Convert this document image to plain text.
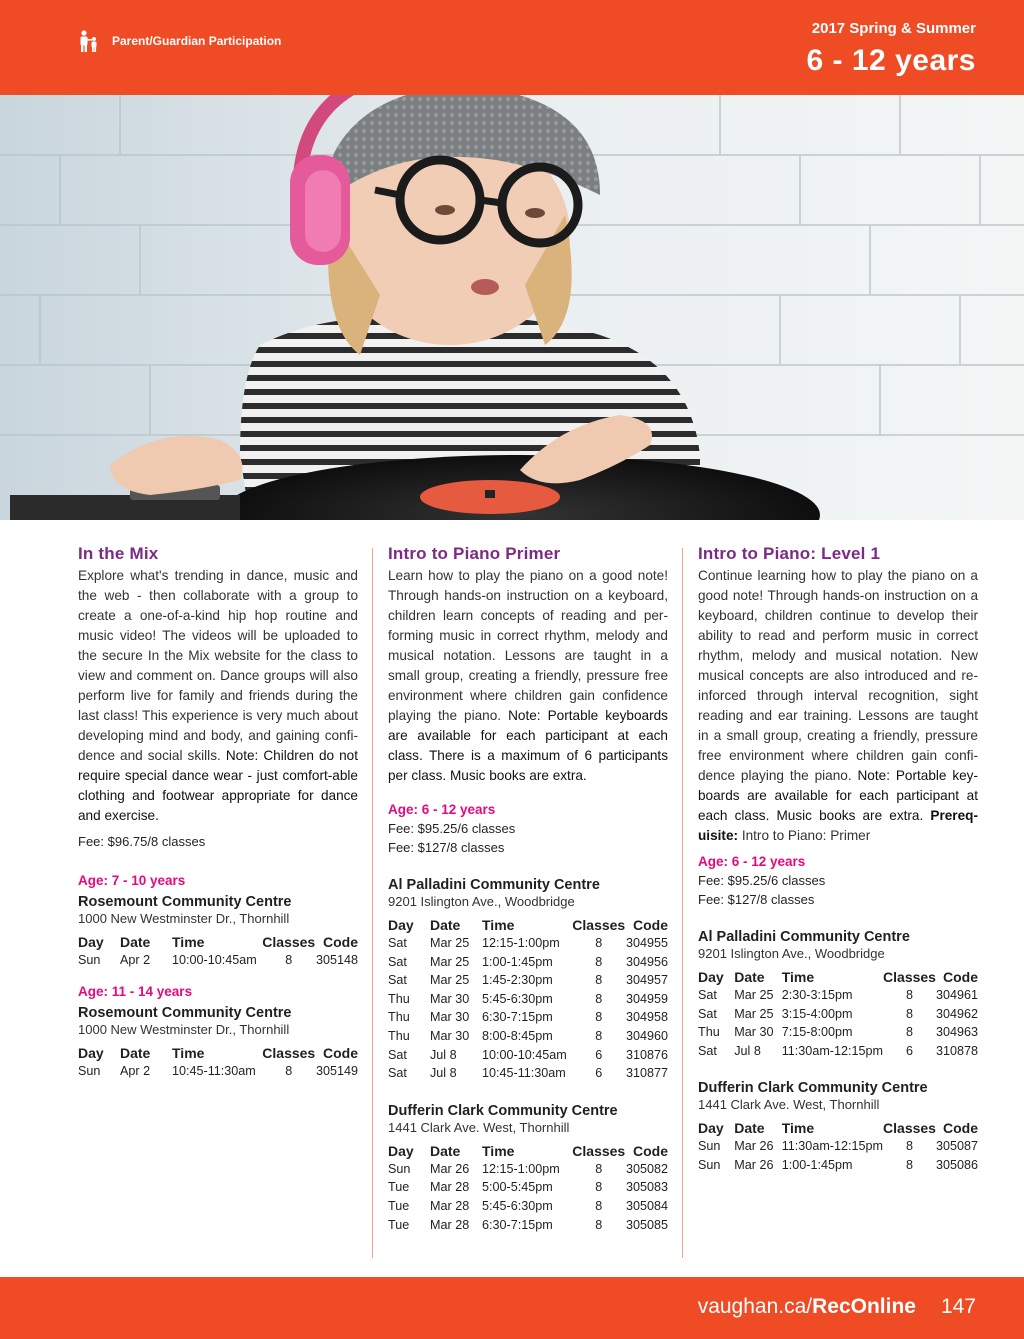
Parent/Guardian Participation
2017 Spring & Summer
6 - 12 years
In the Mix

Explore what's trending in dance, music and the web - then collaborate with a group to create a one-of-a-kind hip hop routine and music video! The videos will be uploaded to the secure In the Mix website for the class to view and comment on. Dance groups will also perform live for family and friends during the last class! This experience is very much about developing mind and body, and gaining confi-dence and social skills. Note: Children do not require special dance wear - just comfort-able clothing and footwear appropriate for dance and exercise.

Fee: $96.75/8 classes
Age: 7 - 10 years
Rosemount Community Centre
1000 New Westminster Dr., Thornhill
Day	Date	Time	Classes	Code
Sun	Apr 2	10:00-10:45am	8	305148
Age: 11 - 14 years
Rosemount Community Centre
1000 New Westminster Dr., Thornhill
Day	Date	Time	Classes	Code
Sun	Apr 2	10:45-11:30am	8	305149
Intro to Piano Primer

Learn how to play the piano on a good note! Through hands-on instruction on a keyboard, children learn concepts of reading and per-forming music in correct rhythm, melody and musical notation. Lessons are taught in a small group, creating a friendly, pressure free environment where children gain confidence playing the piano. Note: Portable keyboards are available for each participant at each class. There is a maximum of 6 participants per class. Music books are extra.

Age: 6 - 12 years
Fee: $95.25/6 classes
Fee: $127/8 classes
Al Palladini Community Centre
9201 Islington Ave., Woodbridge
Day	Date	Time	Classes	Code
Sat	Mar 25	12:15-1:00pm	8	304955
Sat	Mar 25	1:00-1:45pm	8	304956
Sat	Mar 25	1:45-2:30pm	8	304957
Thu	Mar 30	5:45-6:30pm	8	304959
Thu	Mar 30	6:30-7:15pm	8	304958
Thu	Mar 30	8:00-8:45pm	8	304960
Sat	Jul 8	10:00-10:45am	6	310876
Sat	Jul 8	10:45-11:30am	6	310877
Dufferin Clark Community Centre
1441 Clark Ave. West, Thornhill
Day	Date	Time	Classes	Code
Sun	Mar 26	12:15-1:00pm	8	305082
Tue	Mar 28	5:00-5:45pm	8	305083
Tue	Mar 28	5:45-6:30pm	8	305084
Tue	Mar 28	6:30-7:15pm	8	305085
Intro to Piano: Level 1

Continue learning how to play the piano on a good note! Through hands-on instruction on a keyboard, children continue to develop their ability to read and perform music in correct rhythm, melody and musical notation. New musical concepts are also introduced and re-inforced through interval recognition, sight reading and ear training. Lessons are taught in a small group, creating a friendly, pressure free environment where children gain confi-dence playing the piano. Note: Portable key-boards are available for each participant at each class. Music books are extra. Prereq-uisite: Intro to Piano: Primer

Age: 6 - 12 years
Fee: $95.25/6 classes
Fee: $127/8 classes
Al Palladini Community Centre
9201 Islington Ave., Woodbridge
Day	Date	Time	Classes	Code
Sat	Mar 25	2:30-3:15pm	8	304961
Sat	Mar 25	3:15-4:00pm	8	304962
Thu	Mar 30	7:15-8:00pm	8	304963
Sat	Jul 8	11:30am-12:15pm	6	310878
Dufferin Clark Community Centre
1441 Clark Ave. West, Thornhill
Day	Date	Time	Classes	Code
Sun	Mar 26	11:30am-12:15pm	8	305087
Sun	Mar 26	1:00-1:45pm	8	305086
vaughan.ca/RecOnline 147
